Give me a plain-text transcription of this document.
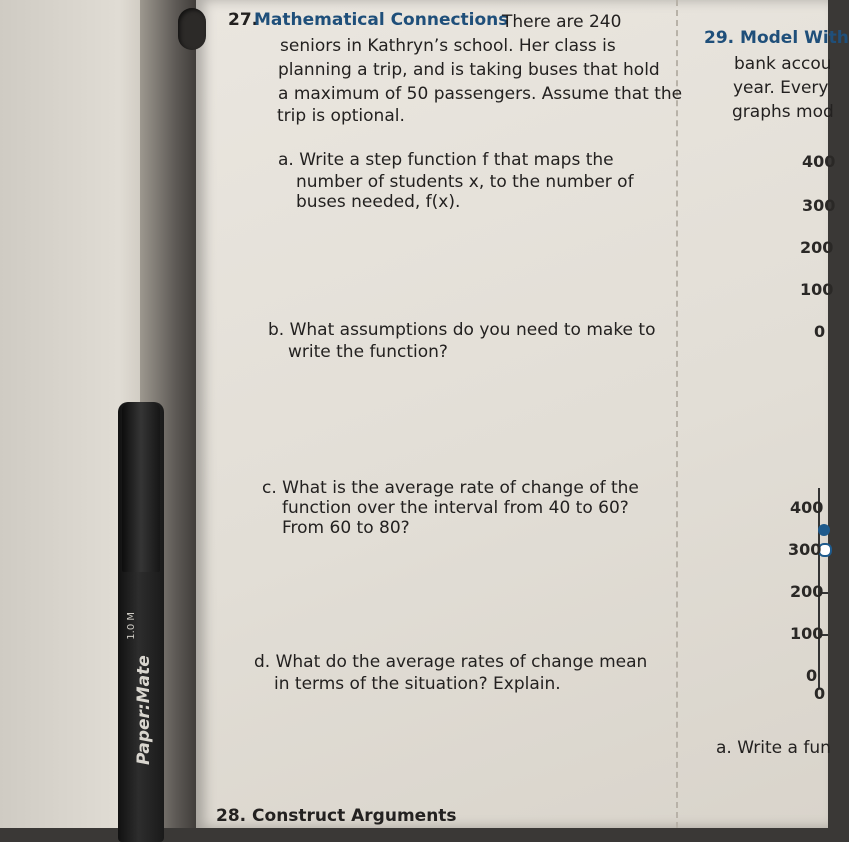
27.
Mathematical Connections
There are 240
seniors in Kathryn’s school. Her class is
planning a trip, and is taking buses that hold
a maximum of 50 passengers. Assume that the
trip is optional.
a. Write a step function f that maps the
number of students x, to the number of
buses needed, f(x).
b. What assumptions do you need to make to
write the function?
c. What is the average rate of change of the
function over the interval from 40 to 60?
From 60 to 80?
d. What do the average rates of change mean
in terms of the situation? Explain.
28. Construct Arguments
29. Model With
bank accou
year. Every
graphs mod
400
300
200
100
0
400
300
200
100
0
0
a. Write a fun
Paper:Mate
1.0 M
